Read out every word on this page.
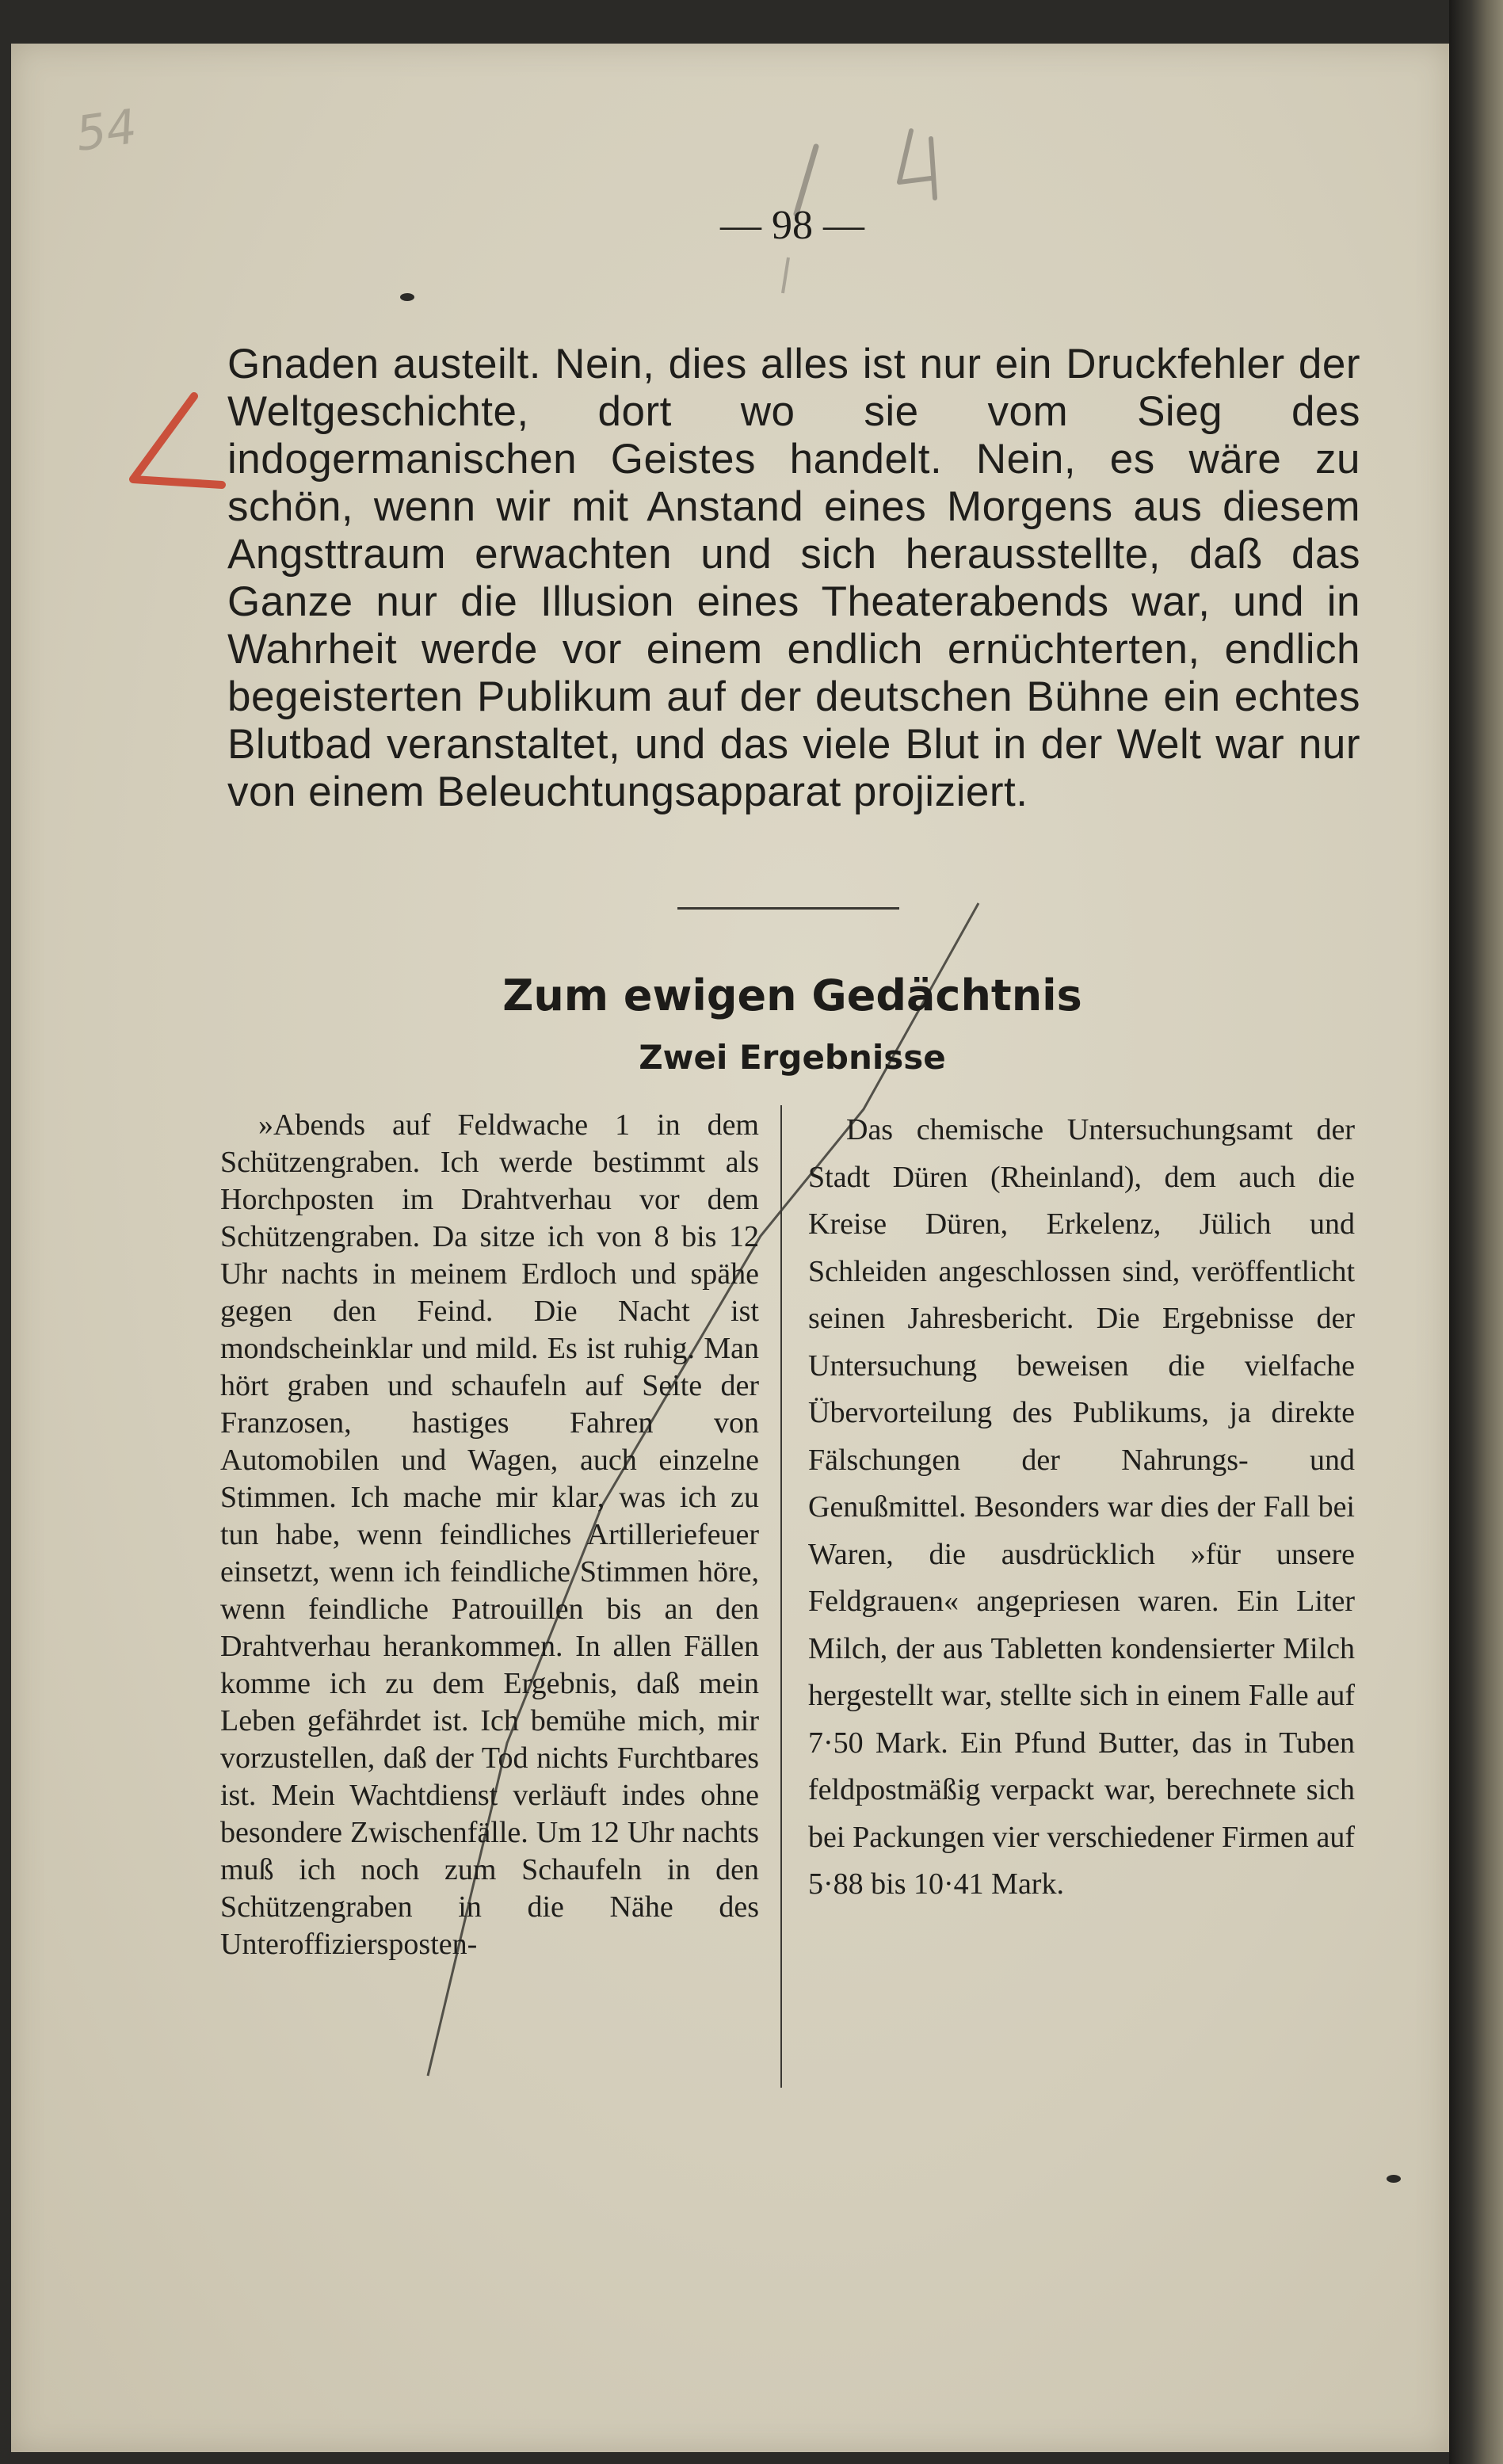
54
— 98 —
Gnaden austeilt. Nein, dies alles ist nur ein Druckfehler der Weltgeschichte, dort wo sie vom Sieg des indogermanischen Geistes handelt. Nein, es wäre zu schön, wenn wir mit Anstand eines Morgens aus diesem Angsttraum erwachten und sich herausstellte, daß das Ganze nur die Illusion eines Theaterabends war, und in Wahrheit werde vor einem endlich ernüchterten, endlich begeisterten Publikum auf der deutschen Bühne ein echtes Blutbad veranstaltet, und das viele Blut in der Welt war nur von einem Beleuchtungsapparat projiziert.
Zum ewigen Gedächtnis
Zwei Ergebnisse
»Abends auf Feldwache 1 in dem Schützengraben. Ich werde bestimmt als Horchposten im Drahtverhau vor dem Schützengraben. Da sitze ich von 8 bis 12 Uhr nachts in meinem Erdloch und spähe gegen den Feind. Die Nacht ist mondscheinklar und mild. Es ist ruhig. Man hört graben und schaufeln auf Seite der Franzosen, hastiges Fahren von Automobilen und Wagen, auch einzelne Stimmen. Ich mache mir klar, was ich zu tun habe, wenn feindliches Artilleriefeuer einsetzt, wenn ich feindliche Stimmen höre, wenn feindliche Patrouillen bis an den Drahtverhau herankommen. In allen Fällen komme ich zu dem Ergebnis, daß mein Leben gefährdet ist. Ich bemühe mich, mir vorzustellen, daß der Tod nichts Furchtbares ist. Mein Wachtdienst verläuft indes ohne besondere Zwischenfälle. Um 12 Uhr nachts muß ich noch zum Schaufeln in den Schützengraben in die Nähe des Unteroffiziersposten-
Das chemische Untersuchungsamt der Stadt Düren (Rheinland), dem auch die Kreise Düren, Erkelenz, Jülich und Schleiden angeschlossen sind, veröffentlicht seinen Jahresbericht. Die Ergebnisse der Untersuchung beweisen die vielfache Übervorteilung des Publikums, ja direkte Fälschungen der Nahrungs- und Genußmittel. Besonders war dies der Fall bei Waren, die ausdrücklich »für unsere Feldgrauen« angepriesen waren. Ein Liter Milch, der aus Tabletten kondensierter Milch hergestellt war, stellte sich in einem Falle auf 7·50 Mark. Ein Pfund Butter, das in Tuben feldpostmäßig verpackt war, berechnete sich bei Packungen vier verschiedener Firmen auf 5·88 bis 10·41 Mark.
